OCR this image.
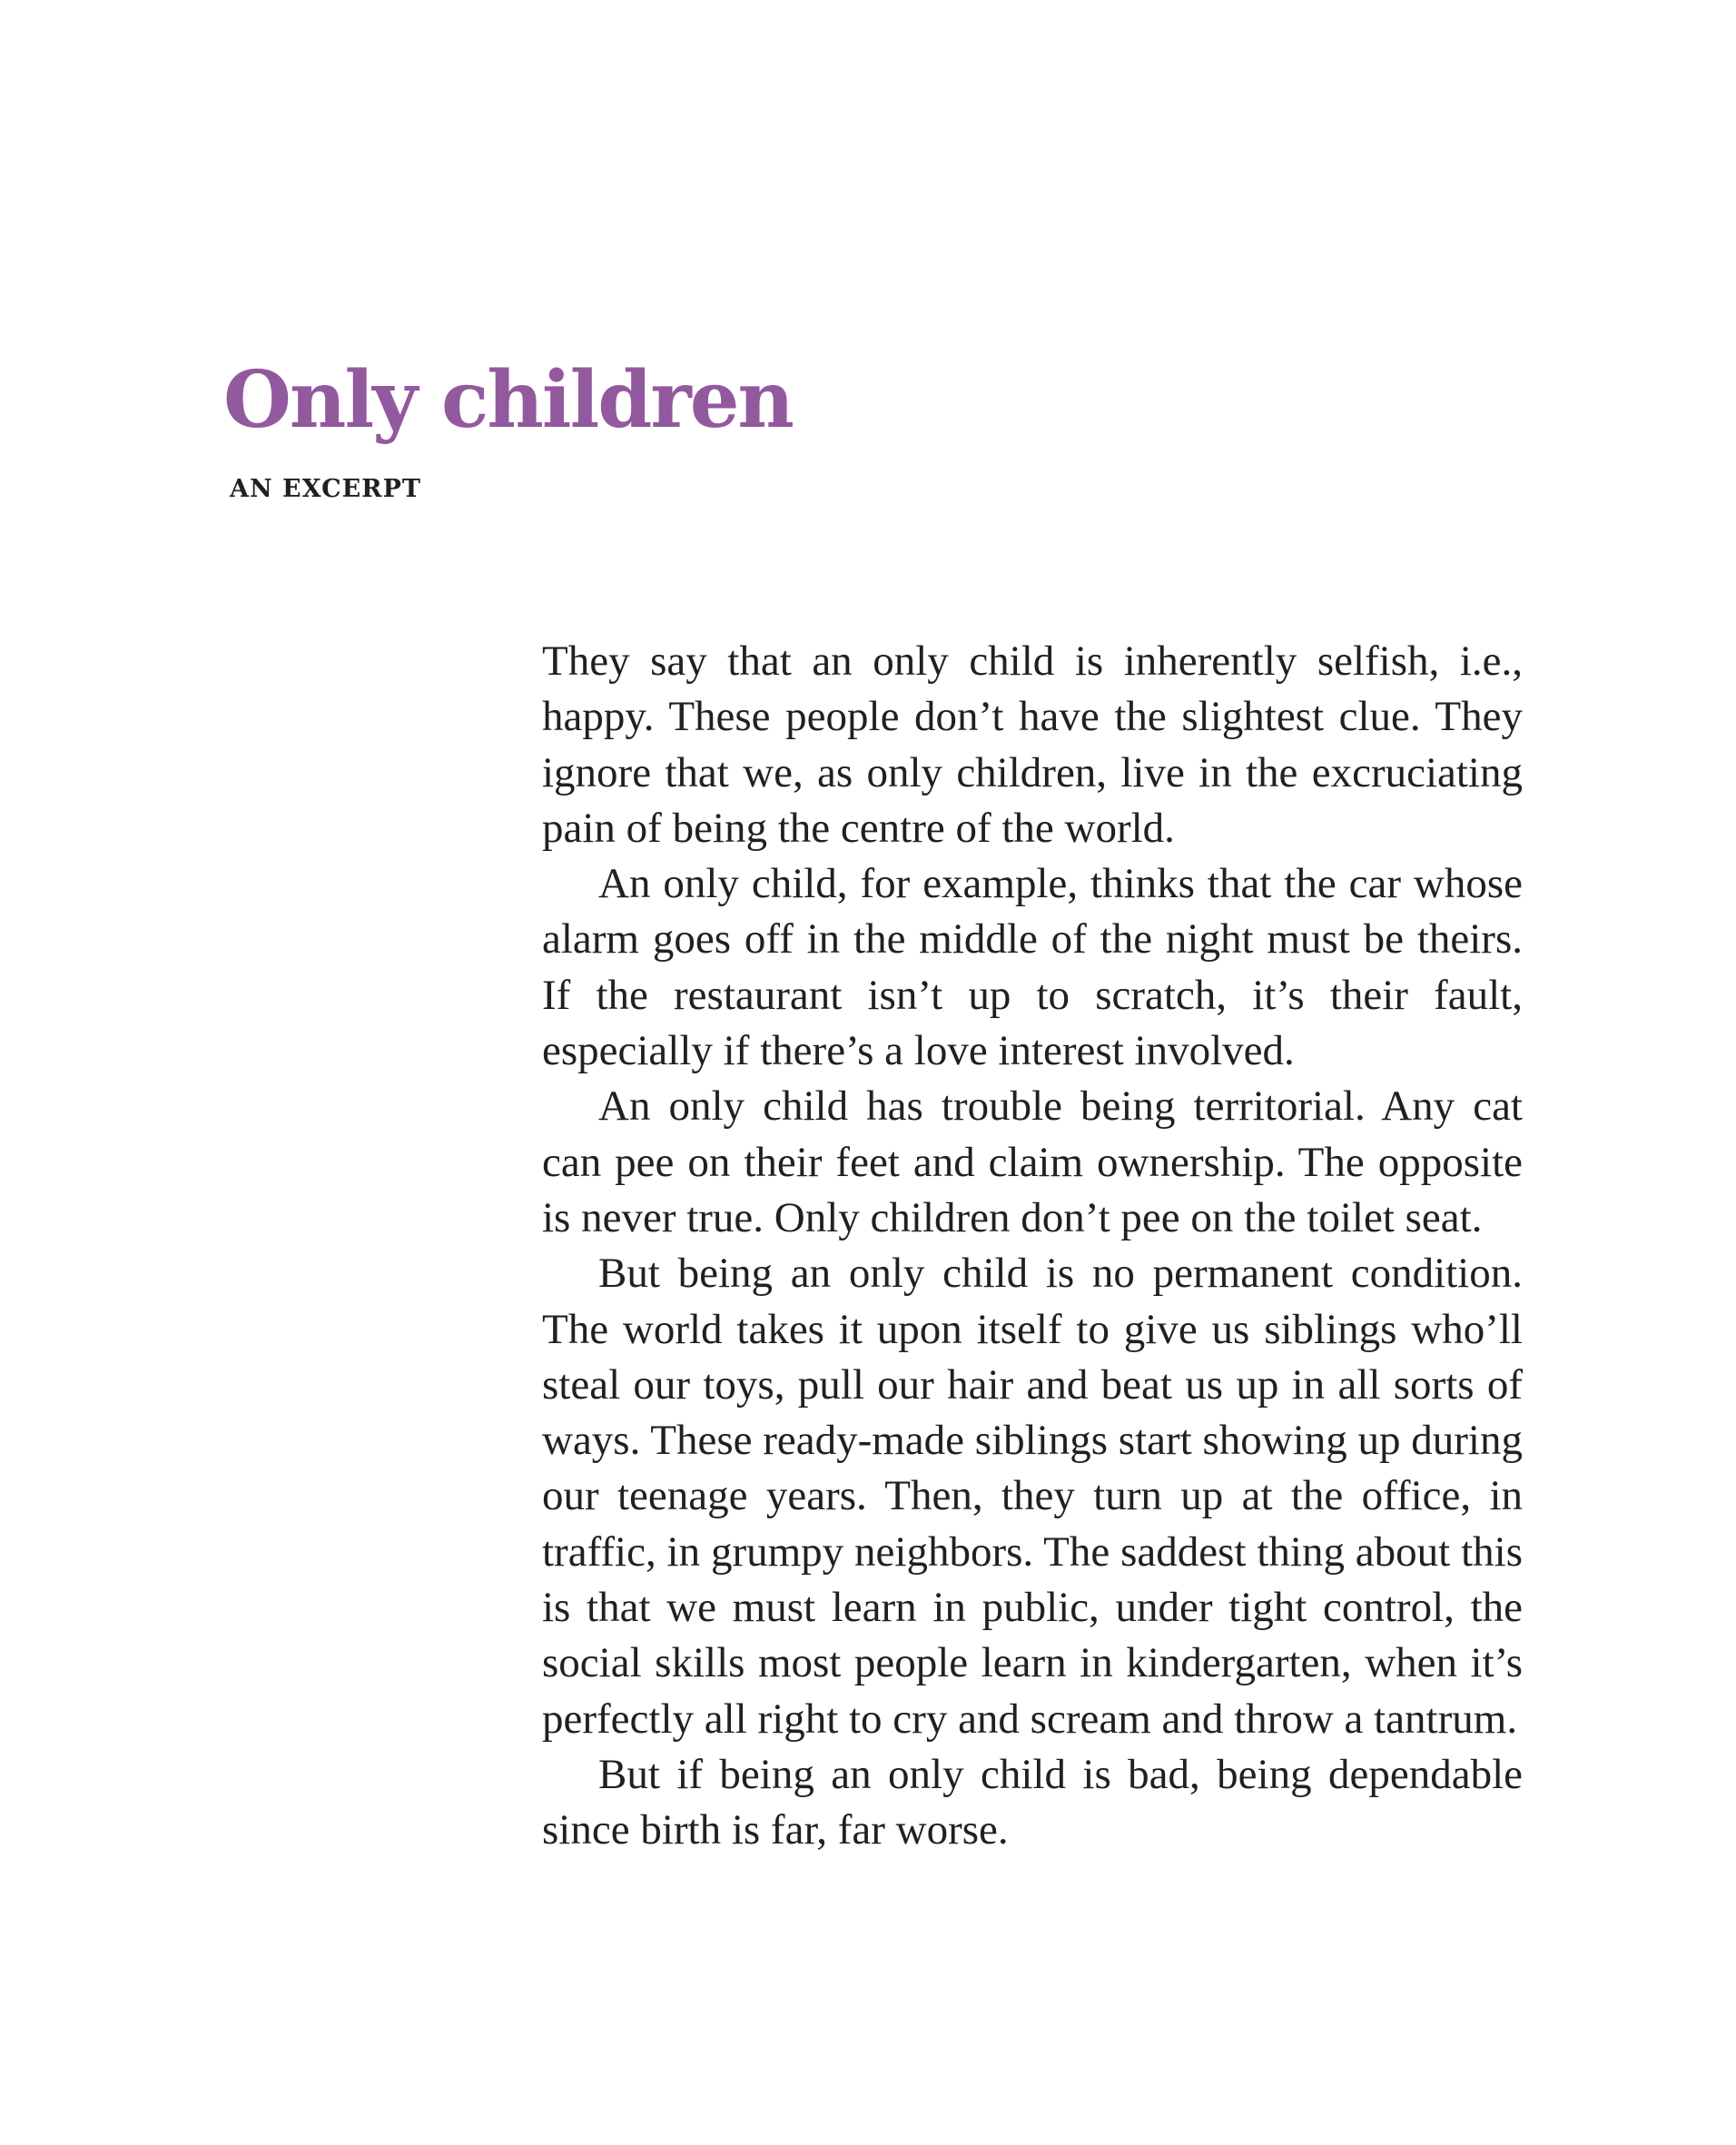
Only children
AN EXCERPT

They say that an only child is inherently selfish, i.e., happy. These people don’t have the slightest clue. They ignore that we, as only children, live in the excruciating pain of being the centre of the world.

An only child, for example, thinks that the car whose alarm goes off in the middle of the night must be theirs. If the restaurant isn’t up to scratch, it’s their fault, especially if there’s a love interest involved.

An only child has trouble being territorial. Any cat can pee on their feet and claim ownership. The opposite is never true. Only children don’t pee on the toilet seat.

But being an only child is no permanent condition. The world takes it upon itself to give us siblings who’ll steal our toys, pull our hair and beat us up in all sorts of ways. These ready-made siblings start showing up during our teenage years. Then, they turn up at the office, in traffic, in grumpy neighbors. The saddest thing about this is that we must learn in public, under tight control, the social skills most people learn in kindergarten, when it’s perfectly all right to cry and scream and throw a tantrum.

But if being an only child is bad, being dependable since birth is far, far worse.
